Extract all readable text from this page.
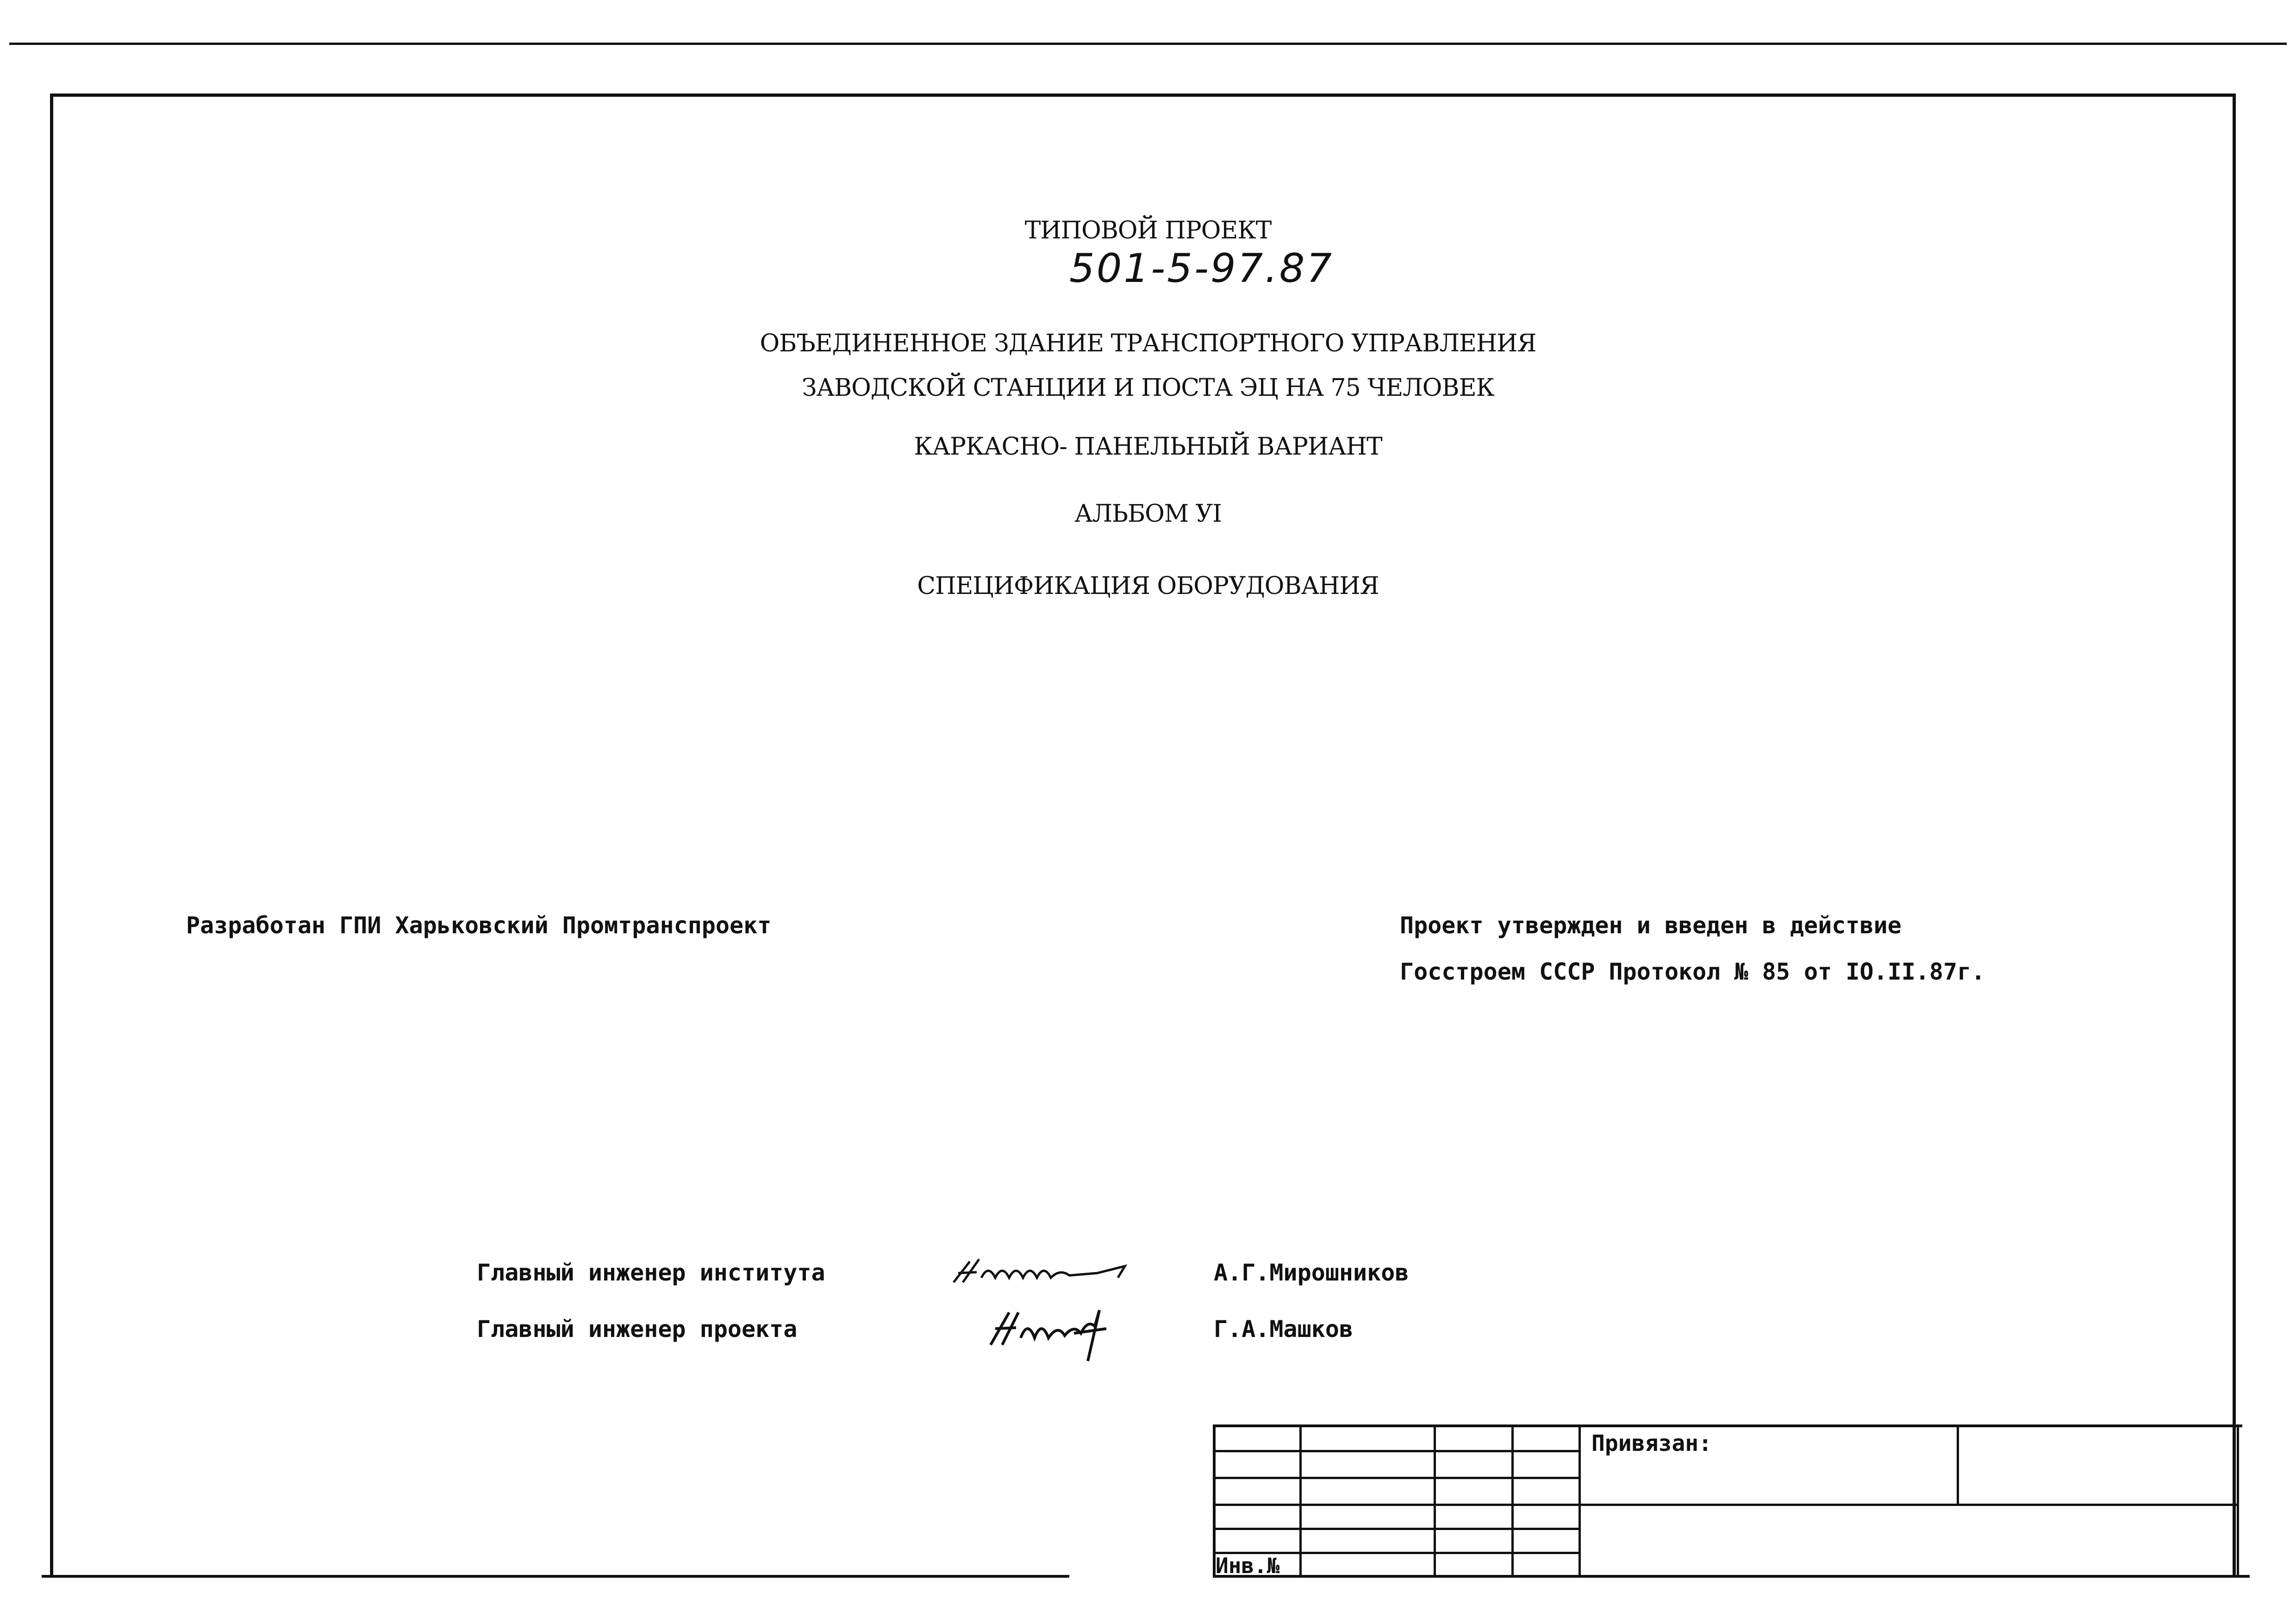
ТИПОВОЙ ПРОЕКТ
501-5-97.87
ОБЪЕДИНЕННОЕ ЗДАНИЕ ТРАНСПОРТНОГО УПРАВЛЕНИЯ
ЗАВОДСКОЙ СТАНЦИИ И ПОСТА ЭЦ НА 75 ЧЕЛОВЕК
КАРКАСНО- ПАНЕЛЬНЫЙ ВАРИАНТ
АЛЬБОМ УI
СПЕЦИФИКАЦИЯ ОБОРУДОВАНИЯ
Разработан ГПИ Харьковский Промтранспроект	Проект утвержден и введен в действие
Госстроем СССР Протокол № 85 от IO.II.87г.
Главный инженер института
Главный инженер проекта
А.Г.Мирошников
Г.А.Машков
Привязан:
Инв.№
